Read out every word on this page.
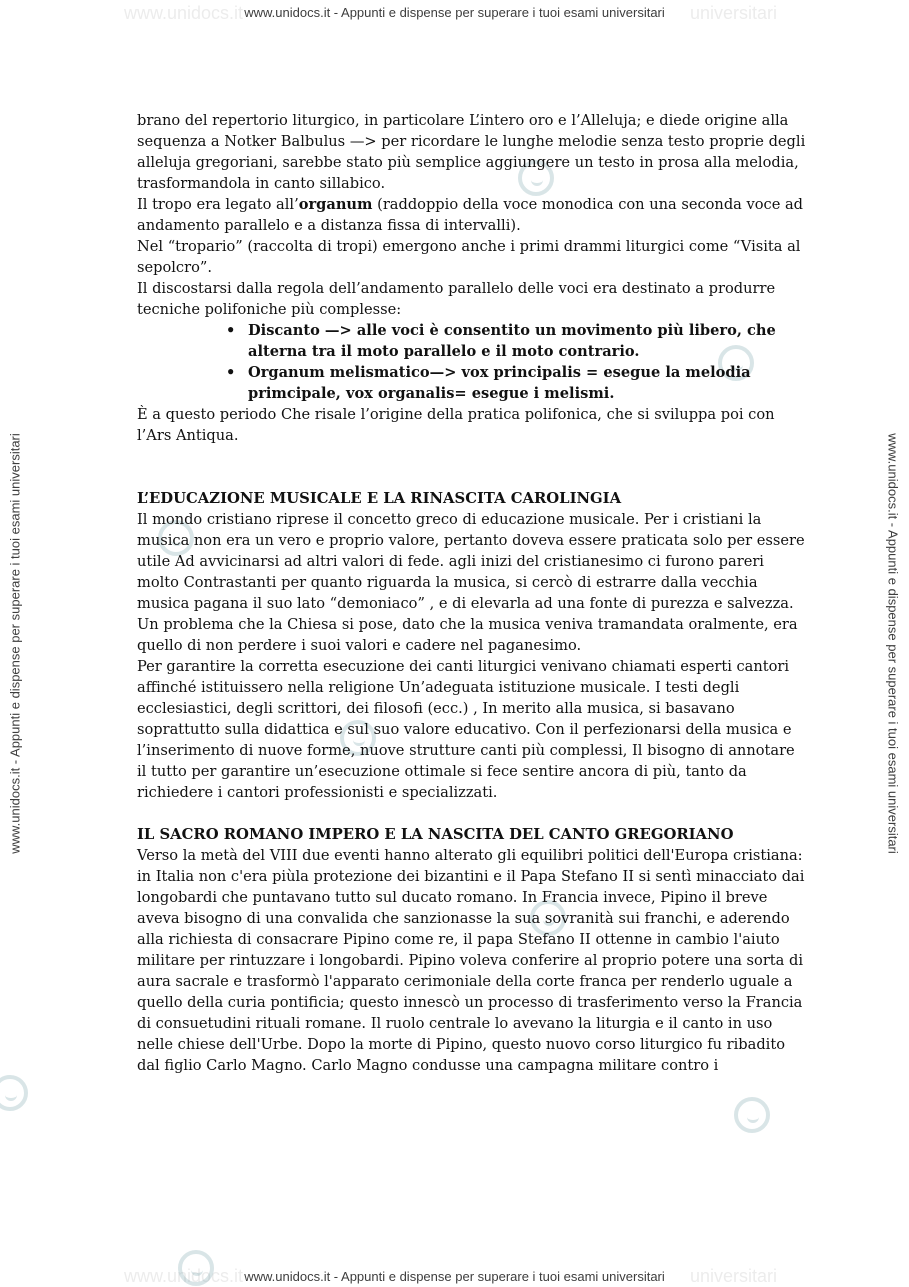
www.unidocs.it	universitari
www.unidocs.it - Appunti e dispense per superare i tuoi esami universitari
www.unidocs.it	universitari
www.unidocs.it - Appunti e dispense per superare i tuoi esami universitari
www.unidocs.it - Appunti e dispense per superare i tuoi esami universitari	www.unidocs.it - Appunti e dispense per superare i tuoi esami universitari

brano del repertorio liturgico, in particolare L’intero oro e l’Alleluja; e diede origine alla sequenza a Notker Balbulus —> per ricordare le lunghe melodie senza testo proprie degli alleluja gregoriani, sarebbe stato più semplice aggiungere un testo in prosa alla melodia, trasformandola in canto sillabico.

Il tropo era legato all’organum (raddoppio della voce monodica con una seconda voce ad andamento parallelo e a distanza fissa di intervalli).

Nel “tropario” (raccolta di tropi) emergono anche i primi drammi liturgici come “Visita al sepolcro”.

Il discostarsi dalla regola dell’andamento parallelo delle voci era destinato a produrre tecniche polifoniche più complesse:

• Discanto —> alle voci è consentito un movimento più libero, che alterna tra il moto parallelo e il moto contrario.
• Organum melismatico—> vox principalis = esegue la melodia primcipale, vox organalis= esegue i melismi.

È a questo periodo Che risale l’origine della pratica polifonica, che si sviluppa poi con l’Ars Antiqua.

L’EDUCAZIONE MUSICALE E LA RINASCITA CAROLINGIA

Il mondo cristiano riprese il concetto greco di educazione musicale. Per i cristiani la musica non era un vero e proprio valore, pertanto doveva essere praticata solo per essere utile Ad avvicinarsi ad altri valori di fede. agli inizi del cristianesimo ci furono pareri molto Contrastanti per quanto riguarda la musica, si cercò di estrarre dalla vecchia musica pagana il suo lato “demoniaco” , e di elevarla ad una fonte di purezza e salvezza. Un problema che la Chiesa si pose, dato che la musica veniva tramandata oralmente, era quello di non perdere i suoi valori e cadere nel paganesimo.

Per garantire la corretta esecuzione dei canti liturgici venivano chiamati esperti cantori affinché istituissero nella religione Un’adeguata istituzione musicale. I testi degli ecclesiastici, degli scrittori, dei filosofi (ecc.) , In merito alla musica, si basavano soprattutto sulla didattica e sul suo valore educativo. Con il perfezionarsi della musica e l’inserimento di nuove forme, nuove strutture canti più complessi, Il bisogno di annotare il tutto per garantire un’esecuzione ottimale si fece sentire ancora di più, tanto da richiedere i cantori professionisti e specializzati.

IL SACRO ROMANO IMPERO E LA NASCITA DEL CANTO GREGORIANO

Verso la metà del VIII due eventi hanno alterato gli equilibri politici dell'Europa cristiana: in Italia non c'era piùla protezione dei bizantini e il Papa Stefano II si sentì minacciato dai longobardi che puntavano tutto sul ducato romano. In Francia invece, Pipino il breve aveva bisogno di una convalida che sanzionasse la sua sovranità sui franchi, e aderendo alla richiesta di consacrare Pipino come re, il papa Stefano II ottenne in cambio l'aiuto militare per rintuzzare i longobardi. Pipino voleva conferire al proprio potere una sorta di aura sacrale e trasformò l'apparato cerimoniale della corte franca per renderlo uguale a quello della curia pontificia; questo innescò un processo di trasferimento verso la Francia di consuetudini rituali romane. Il ruolo centrale lo avevano la liturgia e il canto in uso nelle chiese dell'Urbe. Dopo la morte di Pipino, questo nuovo corso liturgico fu ribadito dal figlio Carlo Magno. Carlo Magno condusse una campagna militare contro i
